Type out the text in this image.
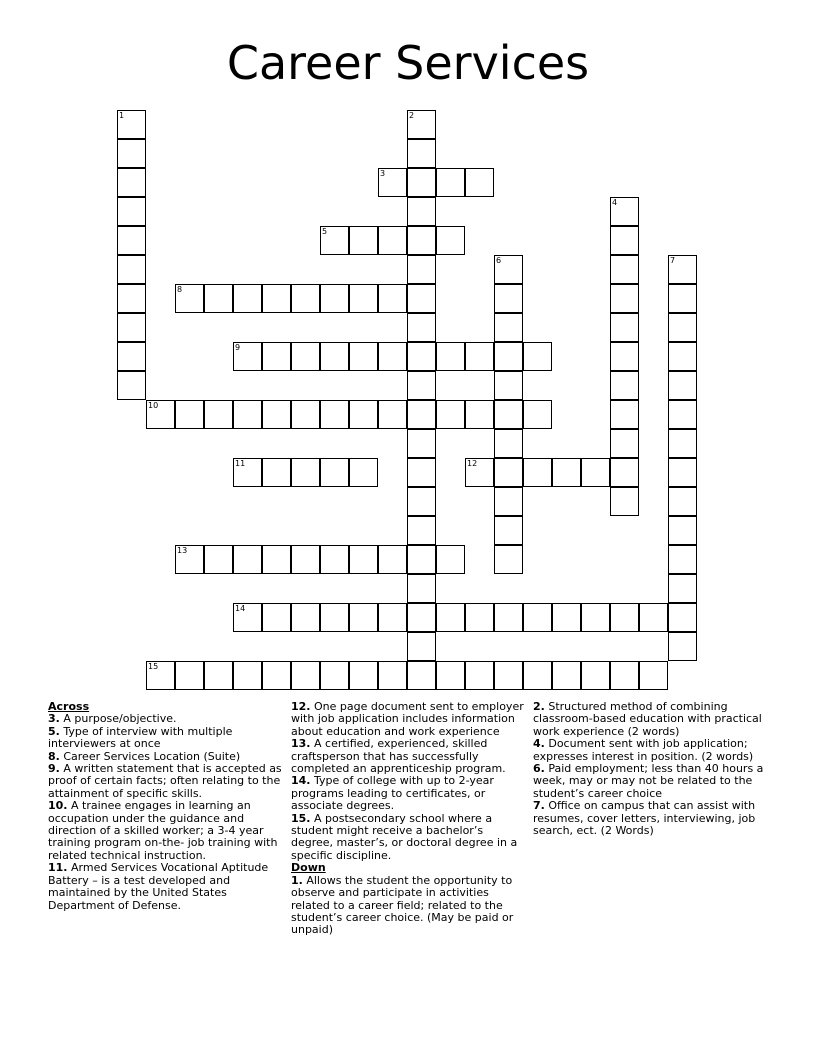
Career Services
1	2
3
4
5
6	7
8
9
10
11	12
13
14
15

Across

3. A purpose/objective.

5. Type of interview with multiple interviewers at once

8. Career Services Location (Suite)

9. A written statement that is accepted as proof of certain facts; often relating to the attainment of specific skills.

10. A trainee engages in learning an occupation under the guidance and direction of a skilled worker; a 3-4 year training program on-the- job training with related technical instruction.

11. Armed Services Vocational Aptitude Battery – is a test developed and maintained by the United States Department of Defense.

12. One page document sent to employer with job application includes information about education and work experience

13. A certified, experienced, skilled craftsperson that has successfully completed an apprenticeship program.

14. Type of college with up to 2-year programs leading to certificates, or associate degrees.

15. A postsecondary school where a student might receive a bachelor’s degree, master’s, or doctoral degree in a specific discipline.

Down

1. Allows the student the opportunity to observe and participate in activities related to a career field; related to the student’s career choice. (May be paid or unpaid)

2. Structured method of combining classroom-based education with practical work experience (2 words)

4. Document sent with job application; expresses interest in position. (2 words)

6. Paid employment; less than 40 hours a week, may or may not be related to the student’s career choice

7. Office on campus that can assist with resumes, cover letters, interviewing, job search, ect. (2 Words)
